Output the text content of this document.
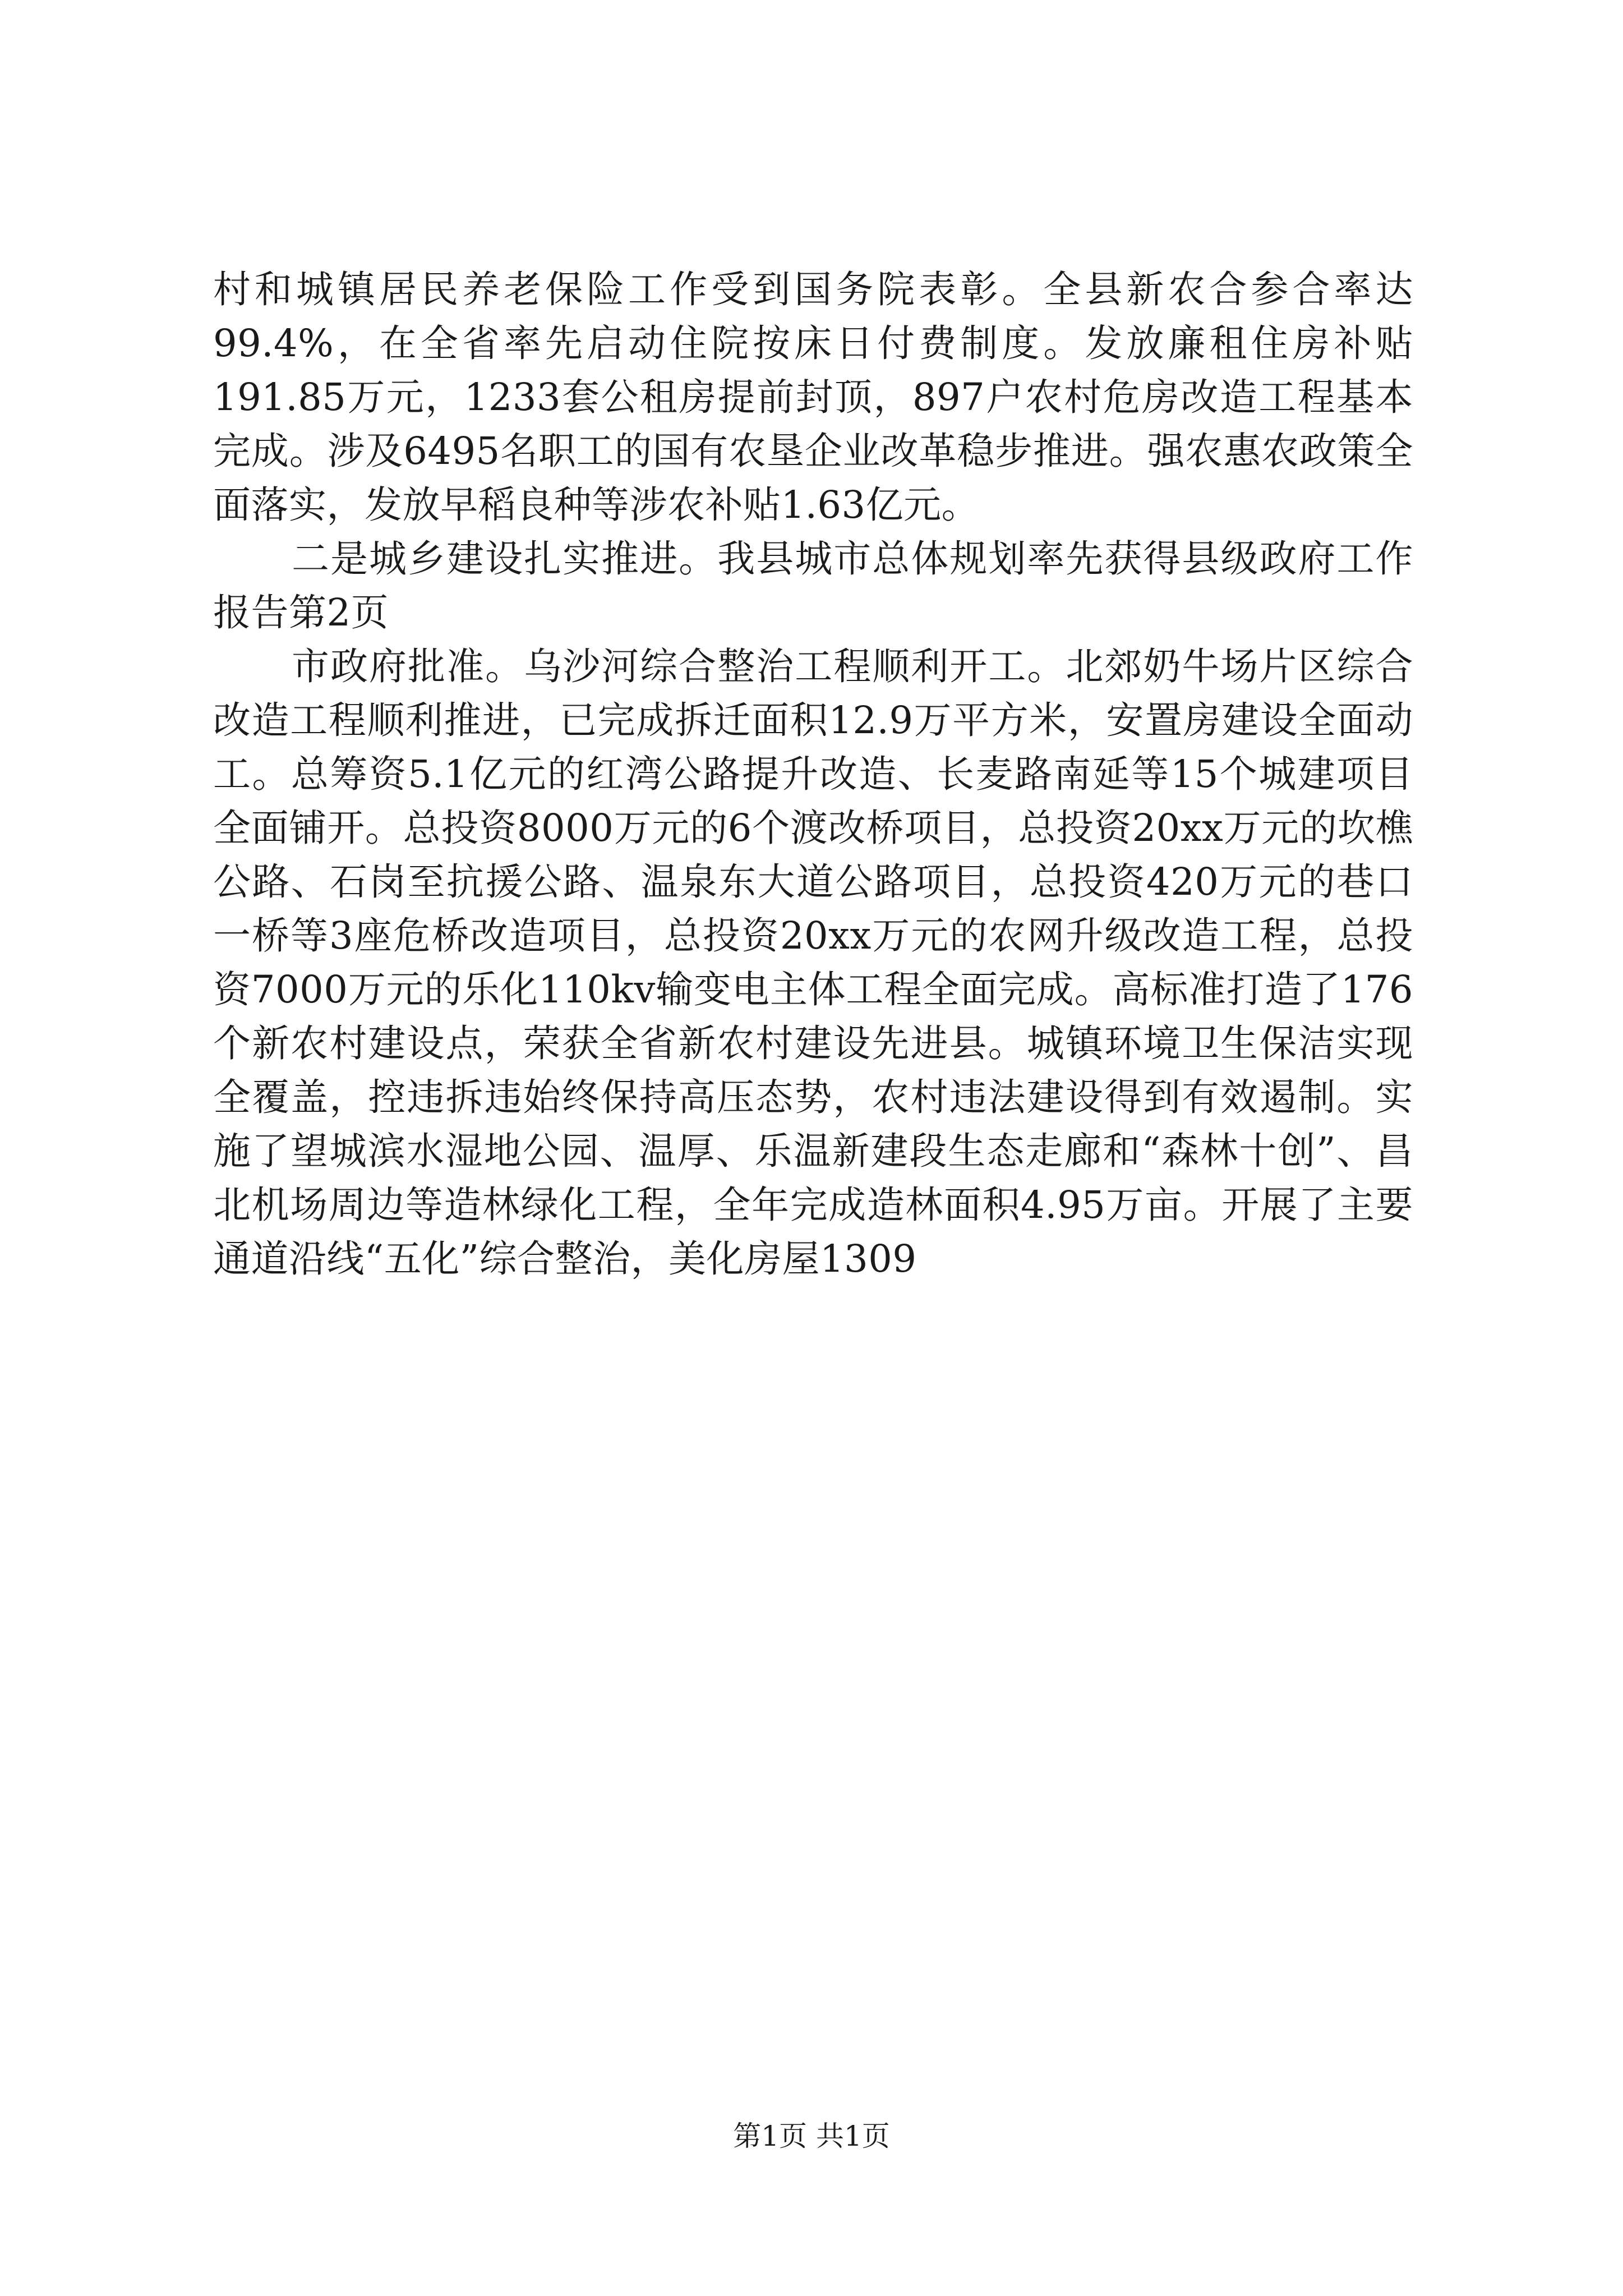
村和城镇居民养老保险工作受到国务院表彰。全县新农合参合率达99.4%，在全省率先启动住院按床日付费制度。发放廉租住房补贴191.85万元，1233套公租房提前封顶，897户农村危房改造工程基本完成。涉及6495名职工的国有农垦企业改革稳步推进。强农惠农政策全面落实，发放早稻良种等涉农补贴1.63亿元。

二是城乡建设扎实推进。我县城市总体规划率先获得县级政府工作报告第2页

市政府批准。乌沙河综合整治工程顺利开工。北郊奶牛场片区综合改造工程顺利推进，已完成拆迁面积12.9万平方米，安置房建设全面动工。总筹资5.1亿元的红湾公路提升改造、长麦路南延等15个城建项目全面铺开。总投资8000万元的6个渡改桥项目，总投资20xx万元的坎樵公路、石岗至抗援公路、温泉东大道公路项目，总投资420万元的巷口一桥等3座危桥改造项目，总投资20xx万元的农网升级改造工程，总投资7000万元的乐化110kv输变电主体工程全面完成。高标准打造了176个新农村建设点，荣获全省新农村建设先进县。城镇环境卫生保洁实现全覆盖，控违拆违始终保持高压态势，农村违法建设得到有效遏制。实施了望城滨水湿地公园、温厚、乐温新建段生态走廊和“森林十创”、昌北机场周边等造林绿化工程，全年完成造林面积4.95万亩。开展了主要通道沿线“五化”综合整治，美化房屋1309

第1页 共1页
